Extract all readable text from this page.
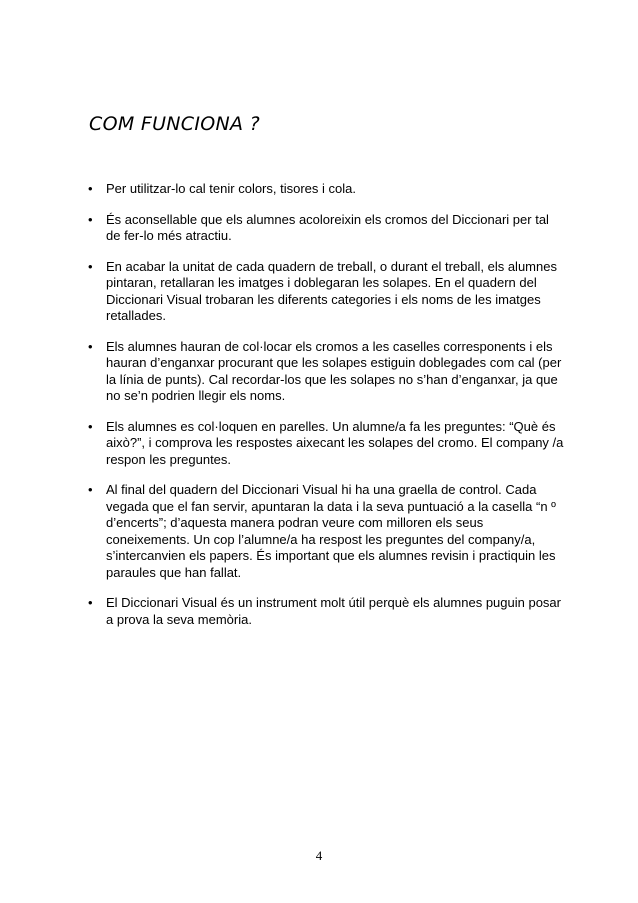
COM FUNCIONA ?
• Per utilitzar-lo cal tenir colors, tisores i cola.
• És aconsellable que els alumnes acoloreixin els cromos del Diccionari per tal de fer-lo més atractiu.
• En acabar la unitat de cada quadern de treball, o durant el treball, els alumnes pintaran, retallaran les imatges i doblegaran les solapes. En el quadern del Diccionari Visual trobaran les diferents categories i els noms de les imatges retallades.
• Els alumnes hauran de col·locar els cromos a les caselles corresponents i els hauran d’enganxar procurant que les solapes estiguin doblegades com cal (per la línia de punts). Cal recordar-los que les solapes no s’han d’enganxar, ja que no se’n podrien llegir els noms.
• Els alumnes es col·loquen en parelles. Un alumne/a fa les preguntes: “Què és això?”, i comprova les respostes aixecant les solapes del cromo. El company /a respon les preguntes.
• Al final del quadern del Diccionari Visual hi ha una graella de control. Cada vegada que el fan servir, apuntaran la data i la seva puntuació a la casella “n º d’encerts”; d’aquesta manera podran veure com milloren els seus coneixements. Un cop l’alumne/a ha respost les preguntes del company/a, s’intercanvien els papers. És important que els alumnes revisin i practiquin les paraules que han fallat.
• El Diccionari Visual és un instrument molt útil perquè els alumnes puguin posar a prova la seva memòria.
4
